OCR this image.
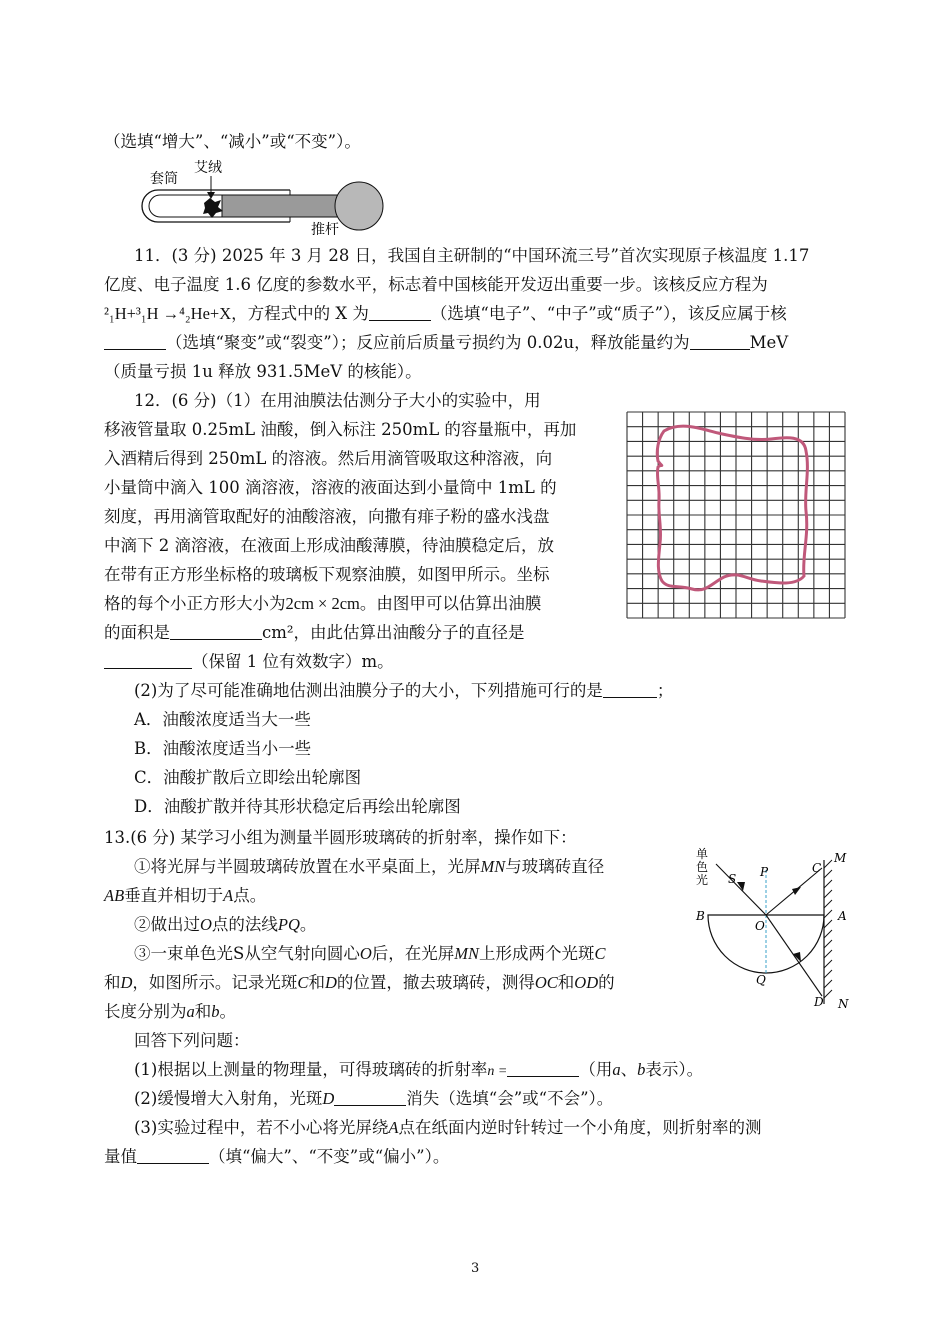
（选填“增大”、“减小”或“不变”）。
艾绒
套筒
推杆
11．(3 分) 2025 年 3 月 28 日，我国自主研制的“中国环流三号”首次实现原子核温度 1.17
亿度、电子温度 1.6 亿度的参数水平，标志着中国核能开发迈出重要一步。该核反应方程为
²₁H+³₁H →⁴₂He+X，方程式中的 X 为	（选填“电子”、“中子”或“质子”），该反应属于核
（选填“聚变”或“裂变”）；反应前后质量亏损约为 0.02u，释放能量约为	MeV
（质量亏损 1u 释放 931.5MeV 的核能）。
12．(6 分)（1）在用油膜法估测分子大小的实验中，用
移液管量取 0.25mL 油酸，倒入标注 250mL 的容量瓶中，再加
入酒精后得到 250mL 的溶液。然后用滴管吸取这种溶液，向
小量筒中滴入 100 滴溶液，溶液的液面达到小量筒中 1mL 的
刻度，再用滴管取配好的油酸溶液，向撒有痱子粉的盛水浅盘
中滴下 2 滴溶液，在液面上形成油酸薄膜，待油膜稳定后，放
在带有正方形坐标格的玻璃板下观察油膜，如图甲所示。坐标
格的每个小正方形大小为2cm × 2cm。由图甲可以估算出油膜
的面积是	cm²，由此估算出油酸分子的直径是
（保留 1 位有效数字）m。
(2)为了尽可能准确地估测出油膜分子的大小，下列措施可行的是	；
A．油酸浓度适当大一些
B．油酸浓度适当小一些
C．油酸扩散后立即绘出轮廓图
D．油酸扩散并待其形状稳定后再绘出轮廓图
13.(6 分) 某学习小组为测量半圆形玻璃砖的折射率，操作如下：
①将光屏与半圆玻璃砖放置在水平桌面上，光屏MN与玻璃砖直径
AB垂直并相切于A点。
②做出过O点的法线PQ。
③一束单色光S从空气射向圆心O后，在光屏MN上形成两个光斑C
和D，如图所示。记录光斑C和D的位置，撤去玻璃砖，测得OC和OD的
长度分别为a和b。
回答下列问题：
(1)根据以上测量的物理量，可得玻璃砖的折射率n =	（用a、b表示）。
(2)缓慢增大入射角，光斑D	消失（选填“会”或“不会”）。
(3)实验过程中，若不小心将光屏绕A点在纸面内逆时针转过一个小角度，则折射率的测
量值	（填“偏大”、“不变”或“偏小”）。
单
色
光 S P	C
M
B
O
A
Q
D N
3
